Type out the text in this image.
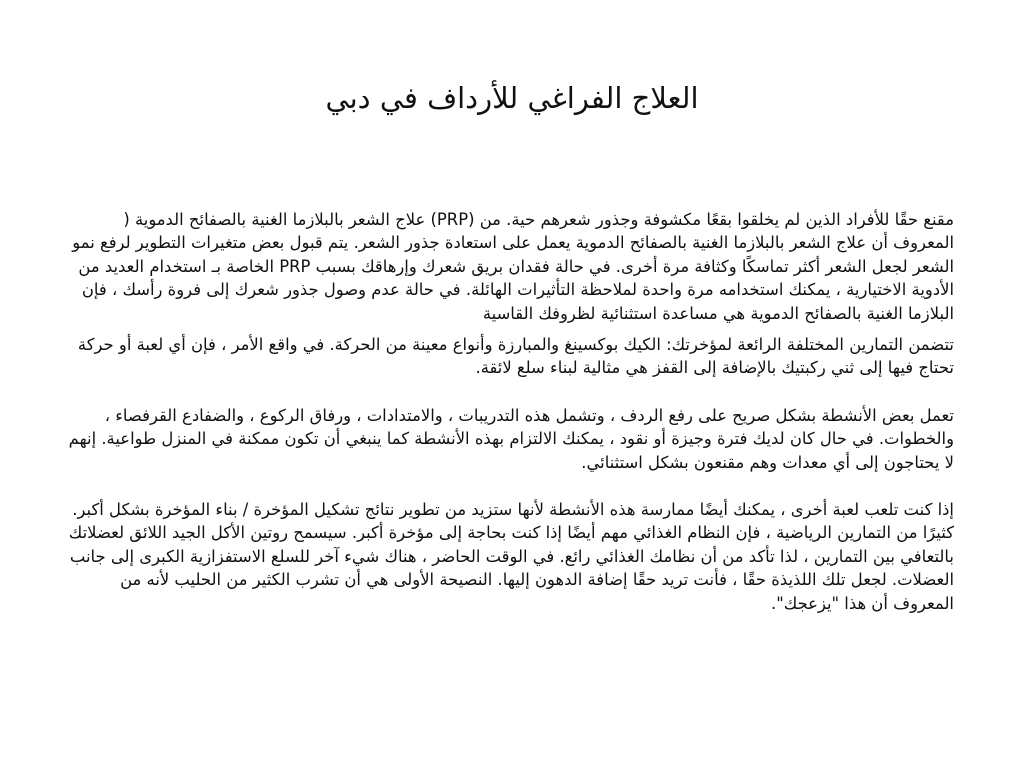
العلاج الفراغي للأرداف في دبي

مقنع حقًا للأفراد الذين لم يخلقوا بقعًا مكشوفة وجذور شعرهم حية. من (PRP) علاج الشعر بالبلازما الغنية بالصفائح الدموية ( المعروف أن علاج الشعر بالبلازما الغنية بالصفائح الدموية يعمل على استعادة جذور الشعر. يتم قبول بعض متغيرات التطوير لرفع نمو الشعر لجعل الشعر أكثر تماسكًا وكثافة مرة أخرى. في حالة فقدان بريق شعرك وإرهاقك بسبب PRP الخاصة بـ استخدام العديد من الأدوية الاختيارية ، يمكنك استخدامه مرة واحدة لملاحظة التأثيرات الهائلة. في حالة عدم وصول جذور شعرك إلى فروة رأسك ، فإن البلازما الغنية بالصفائح الدموية هي مساعدة استثنائية لظروفك القاسية

تتضمن التمارين المختلفة الرائعة لمؤخرتك: الكيك بوكسينغ والمبارزة وأنواع معينة من الحركة. في واقع الأمر ، فإن أي لعبة أو حركة تحتاج فيها إلى ثني ركبتيك بالإضافة إلى القفز هي مثالية لبناء سلع لائقة.

تعمل بعض الأنشطة بشكل صريح على رفع الردف ، وتشمل هذه التدريبات ، والامتدادات ، ورفاق الركوع ، والضفادع القرفصاء ، والخطوات. في حال كان لديك فترة وجيزة أو نقود ، يمكنك الالتزام بهذه الأنشطة كما ينبغي أن تكون ممكنة في المنزل طواعية. إنهم لا يحتاجون إلى أي معدات وهم مقنعون بشكل استثنائي.

إذا كنت تلعب لعبة أخرى ، يمكنك أيضًا ممارسة هذه الأنشطة لأنها ستزيد من تطوير نتائج تشكيل المؤخرة / بناء المؤخرة بشكل أكبر. كثيرًا من التمارين الرياضية ، فإن النظام الغذائي مهم أيضًا إذا كنت بحاجة إلى مؤخرة أكبر. سيسمح روتين الأكل الجيد اللائق لعضلاتك بالتعافي بين التمارين ، لذا تأكد من أن نظامك الغذائي رائع. في الوقت الحاضر ، هناك شيء آخر للسلع الاستفزازية الكبرى إلى جانب العضلات. لجعل تلك اللذيذة حقًا ، فأنت تريد حقًا إضافة الدهون إليها. النصيحة الأولى هي أن تشرب الكثير من الحليب لأنه من المعروف أن هذا "يزعجك".
